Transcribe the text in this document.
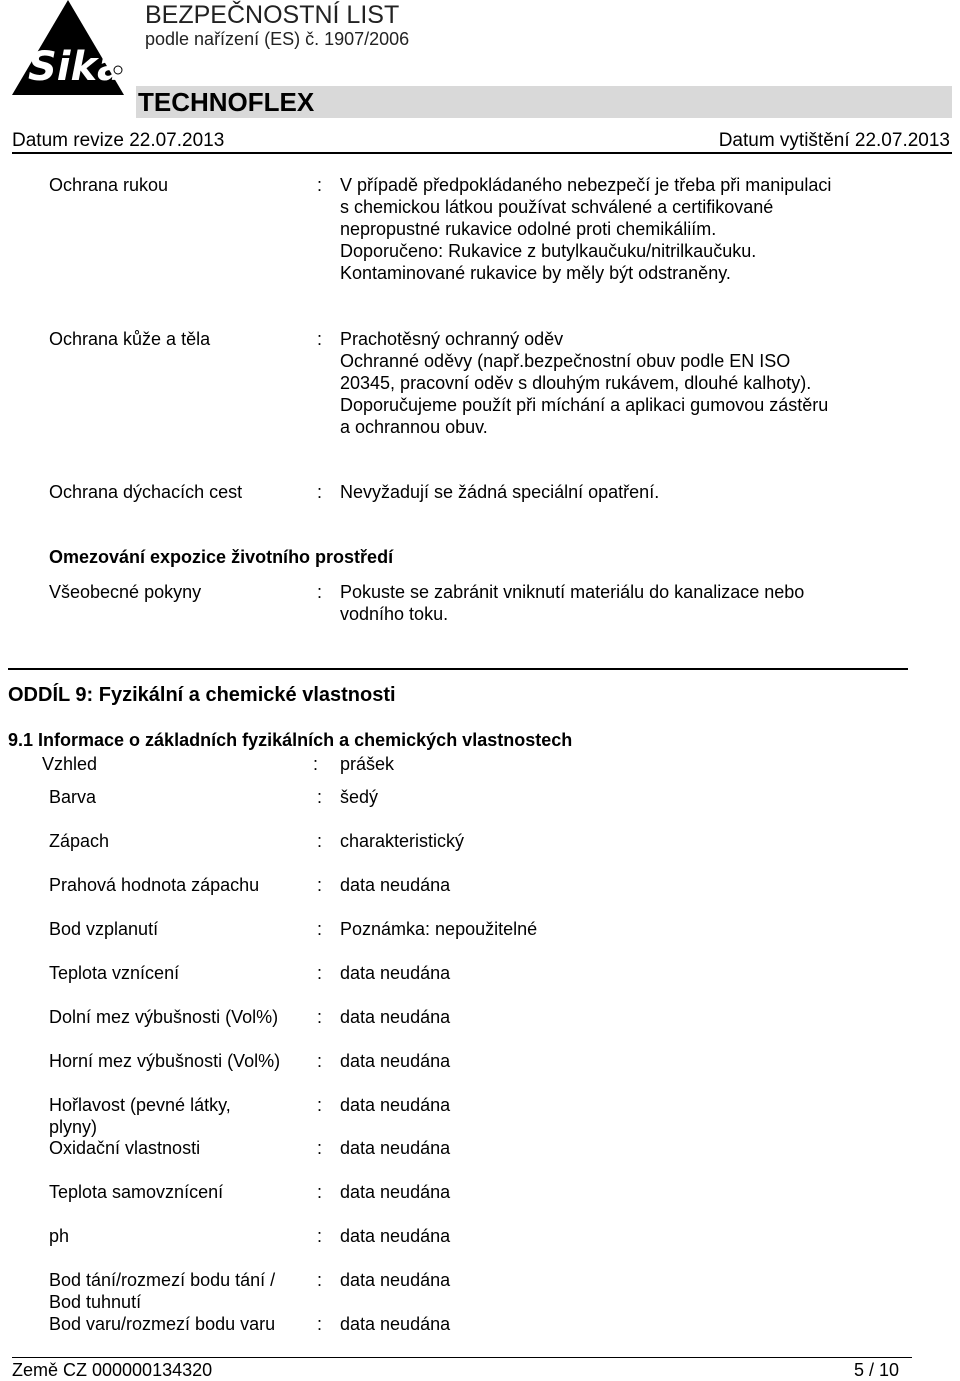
Sika
BEZPEČNOSTNÍ LIST
podle nařízení (ES) č. 1907/2006
TECHNOFLEX
Datum revize 22.07.2013	Datum vytištění 22.07.2013
Ochrana rukou	: V případě předpokládaného nebezpečí je třeba při manipulaci
s chemickou látkou používat schválené a certifikované
nepropustné rukavice odolné proti chemikáliím.
Doporučeno: Rukavice z butylkaučuku/nitrilkaučuku.
Kontaminované rukavice by měly být odstraněny.
Ochrana kůže a těla	: Prachotěsný ochranný oděv
Ochranné oděvy (např.bezpečnostní obuv podle EN ISO
20345, pracovní oděv s dlouhým rukávem, dlouhé kalhoty).
Doporučujeme použít při míchání a aplikaci gumovou zástěru
a ochrannou obuv.
Ochrana dýchacích cest	: Nevyžadují se žádná speciální opatření.
Omezování expozice životního prostředí
Všeobecné pokyny	: Pokuste se zabránit vniknutí materiálu do kanalizace nebo
vodního toku.
ODDÍL 9: Fyzikální a chemické vlastnosti
9.1 Informace o základních fyzikálních a chemických vlastnostech
Vzhled	: prášek
Barva	: šedý
Zápach	: charakteristický
Prahová hodnota zápachu	: data neudána
Bod vzplanutí	: Poznámka: nepoužitelné
Teplota vznícení	: data neudána
Dolní mez výbušnosti (Vol%)	: data neudána
Horní mez výbušnosti (Vol%)	: data neudána
Hořlavost (pevné látky, plyny)
: data neudána
Oxidační vlastnosti	: data neudána
Teplota samovznícení	: data neudána
ph	: data neudána
Bod tání/rozmezí bodu tání / Bod tuhnutí
: data neudána
Bod varu/rozmezí bodu varu	: data neudána
Země CZ 000000134320	5 / 10
